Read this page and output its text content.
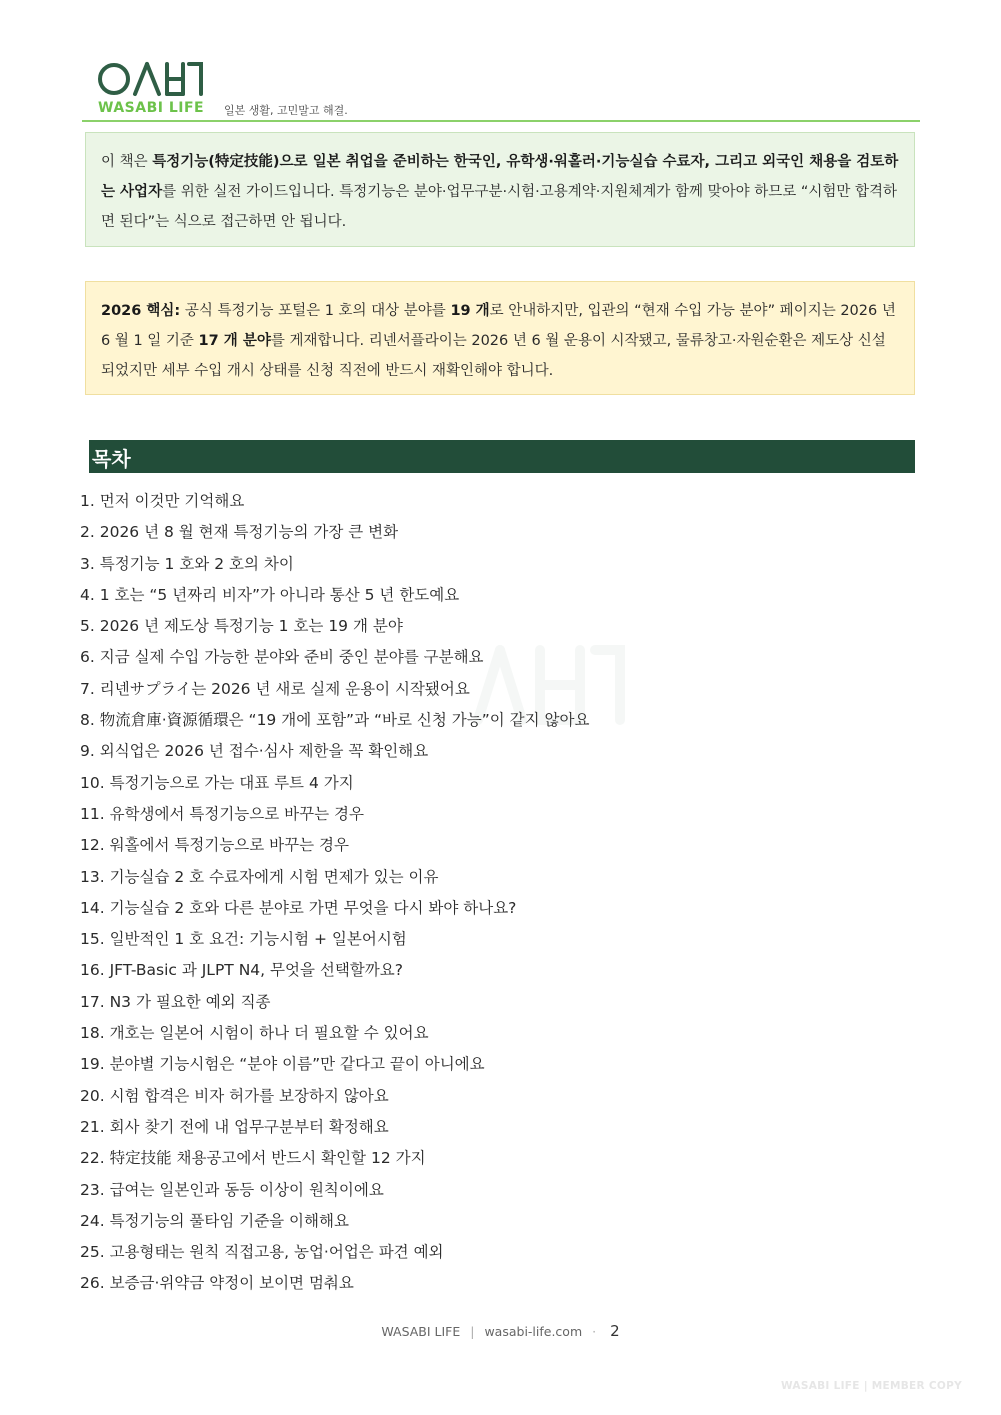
WASABI LIFE 일본 생활, 고민말고 해결.
이 책은 특정기능(特定技能)으로 일본 취업을 준비하는 한국인, 유학생·워홀러·기능실습 수료자, 그리고 외국인 채용을 검토하는 사업자를 위한 실전 가이드입니다. 특정기능은 분야·업무구분·시험·고용계약·지원체계가 함께 맞아야 하므로 “시험만 합격하면 된다”는 식으로 접근하면 안 됩니다.
2026 핵심: 공식 특정기능 포털은 1 호의 대상 분야를 19 개로 안내하지만, 입관의 “현재 수입 가능 분야” 페이지는 2026 년 6 월 1 일 기준 17 개 분야를 게재합니다. 리넨서플라이는 2026 년 6 월 운용이 시작됐고, 물류창고·자원순환은 제도상 신설되었지만 세부 수입 개시 상태를 신청 직전에 반드시 재확인해야 합니다.
목차
1. 먼저 이것만 기억해요
2. 2026 년 8 월 현재 특정기능의 가장 큰 변화
3. 특정기능 1 호와 2 호의 차이
4. 1 호는 “5 년짜리 비자”가 아니라 통산 5 년 한도예요
5. 2026 년 제도상 특정기능 1 호는 19 개 분야
6. 지금 실제 수입 가능한 분야와 준비 중인 분야를 구분해요
7. 리넨サプライ는 2026 년 새로 실제 운용이 시작됐어요
8. 物流倉庫·資源循環은 “19 개에 포함”과 “바로 신청 가능”이 같지 않아요
9. 외식업은 2026 년 접수·심사 제한을 꼭 확인해요
10. 특정기능으로 가는 대표 루트 4 가지
11. 유학생에서 특정기능으로 바꾸는 경우
12. 워홀에서 특정기능으로 바꾸는 경우
13. 기능실습 2 호 수료자에게 시험 면제가 있는 이유
14. 기능실습 2 호와 다른 분야로 가면 무엇을 다시 봐야 하나요?
15. 일반적인 1 호 요건: 기능시험 + 일본어시험
16. JFT-Basic 과 JLPT N4, 무엇을 선택할까요?
17. N3 가 필요한 예외 직종
18. 개호는 일본어 시험이 하나 더 필요할 수 있어요
19. 분야별 기능시험은 “분야 이름”만 같다고 끝이 아니에요
20. 시험 합격은 비자 허가를 보장하지 않아요
21. 회사 찾기 전에 내 업무구분부터 확정해요
22. 特定技能 채용공고에서 반드시 확인할 12 가지
23. 급여는 일본인과 동등 이상이 원칙이에요
24. 특정기능의 풀타임 기준을 이해해요
25. 고용형태는 원칙 직접고용, 농업·어업은 파견 예외
26. 보증금·위약금 약정이 보이면 멈춰요
WASABI LIFE | wasabi-life.com · 2
WASABI LIFE | MEMBER COPY
